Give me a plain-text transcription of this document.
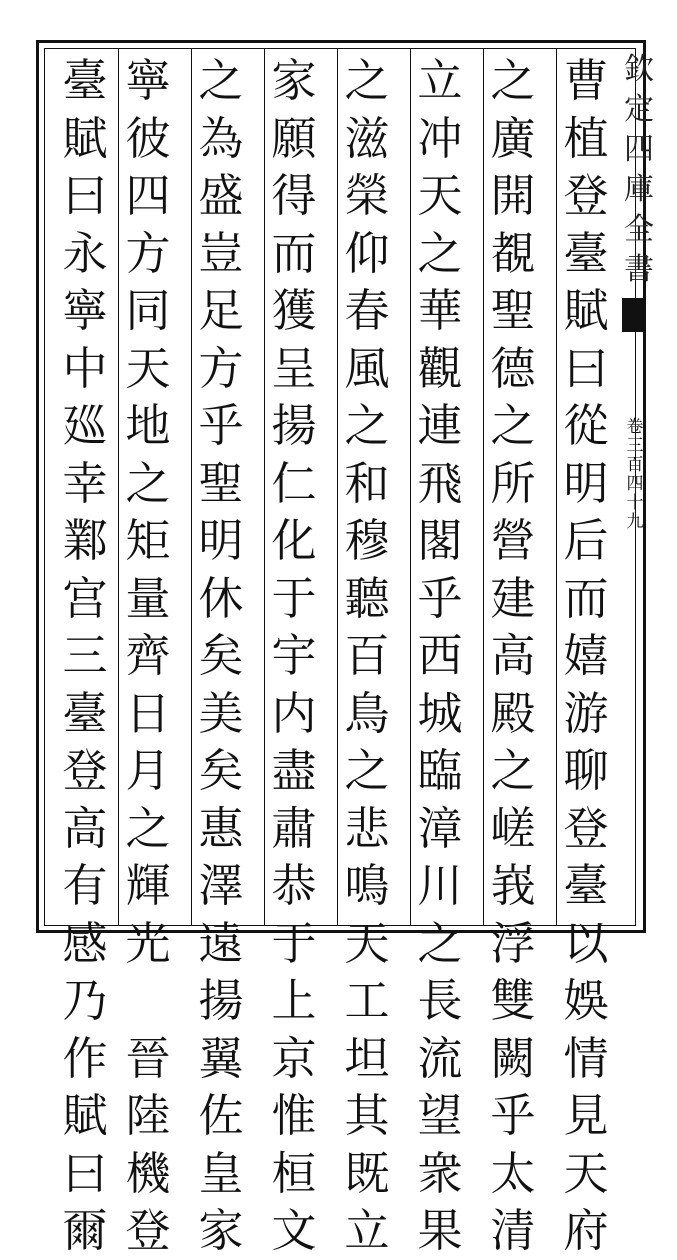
曹
植
登
臺
賦
曰
從
明
后
而
嬉
游
聊
登
臺
以
娛
情
見
天
府
之
廣
開
覩
聖
德
之
所
營
建
高
殿
之
嵯
峩
浮
雙
闕
乎
太
清
立
冲
天
之
華
觀
連
飛
閣
乎
西
城
臨
漳
川
之
長
流
望
衆
果
之
滋
榮
仰
春
風
之
和
穆
聽
百
鳥
之
悲
鳴
天
工
坦
其
既
立
家
願
得
而
獲
呈
揚
仁
化
于
宇
内
盡
肅
恭
于
上
京
惟
桓
文
之
為
盛
豈
足
方
乎
聖
明
休
矣
美
矣
惠
澤
遠
揚
翼
佐
皇
家
寧
彼
四
方
同
天
地
之
矩
量
齊
日
月
之
輝
光

晉
陸
機
登
臺
賦
曰
永
寧
中
廵
幸
鄴
宫
三
臺
登
高
有
感
乃
作
賦
曰
爾
欽
定
四
庫
全
書
卷
三
百
四
十
九
